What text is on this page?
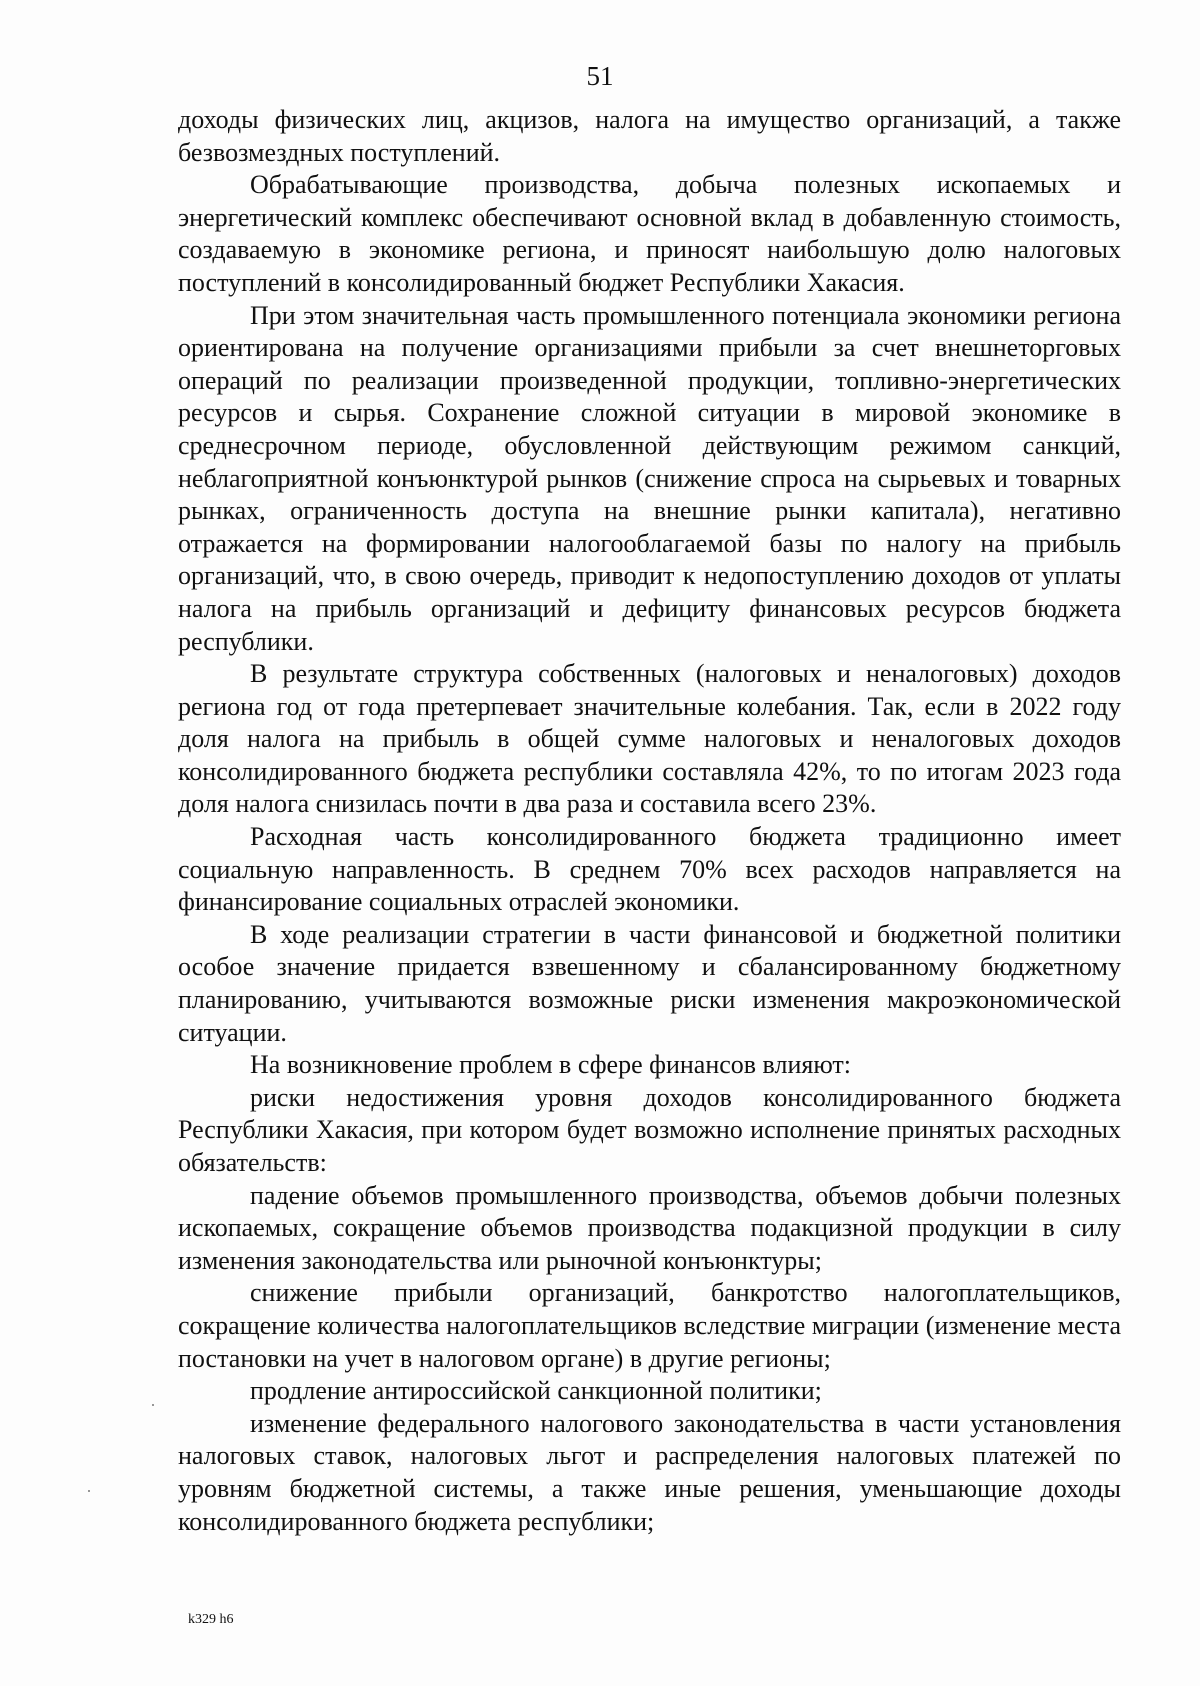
51

доходы физических лиц, акцизов, налога на имущество организаций, а также безвозмездных поступлений.

Обрабатывающие производства, добыча полезных ископаемых и энергетический комплекс обеспечивают основной вклад в добавленную стоимость, создаваемую в экономике региона, и приносят наибольшую долю налоговых поступлений в консолидированный бюджет Республики Хакасия.

При этом значительная часть промышленного потенциала экономики региона ориентирована на получение организациями прибыли за счет внешнеторговых операций по реализации произведенной продукции, топливно-энергетических ресурсов и сырья. Сохранение сложной ситуации в мировой экономике в среднесрочном периоде, обусловленной действующим режимом санкций, неблагоприятной конъюнктурой рынков (снижение спроса на сырьевых и товарных рынках, ограниченность доступа на внешние рынки капитала), негативно отражается на формировании налогооблагаемой базы по налогу на прибыль организаций, что, в свою очередь, приводит к недопоступлению доходов от уплаты налога на прибыль организаций и дефициту финансовых ресурсов бюджета республики.

В результате структура собственных (налоговых и неналоговых) доходов региона год от года претерпевает значительные колебания. Так, если в 2022 году доля налога на прибыль в общей сумме налоговых и неналоговых доходов консолидированного бюджета республики составляла 42%, то по итогам 2023 года доля налога снизилась почти в два раза и составила всего 23%.

Расходная часть консолидированного бюджета традиционно имеет социальную направленность. В среднем 70% всех расходов направляется на финансирование социальных отраслей экономики.

В ходе реализации стратегии в части финансовой и бюджетной политики особое значение придается взвешенному и сбалансированному бюджетному планированию, учитываются возможные риски изменения макроэкономической ситуации.

На возникновение проблем в сфере финансов влияют:

риски недостижения уровня доходов консолидированного бюджета Республики Хакасия, при котором будет возможно исполнение принятых расходных обязательств:

падение объемов промышленного производства, объемов добычи полезных ископаемых, сокращение объемов производства подакцизной продукции в силу изменения законодательства или рыночной конъюнктуры;

снижение прибыли организаций, банкротство налогоплательщиков, сокращение количества налогоплательщиков вследствие миграции (изменение места постановки на учет в налоговом органе) в другие регионы;

продление антироссийской санкционной политики;

изменение федерального налогового законодательства в части установления налоговых ставок, налоговых льгот и распределения налоговых платежей по уровням бюджетной системы, а также иные решения, уменьшающие доходы консолидированного бюджета республики;

k329 h6
